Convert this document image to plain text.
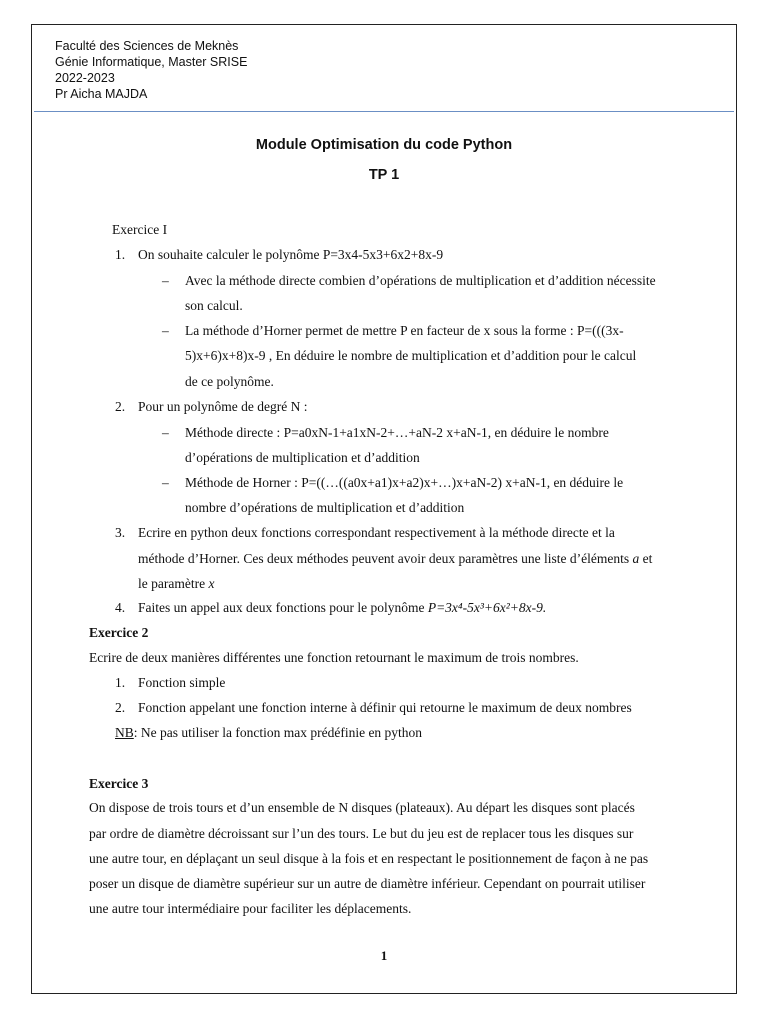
Faculté des Sciences de Meknès
Génie Informatique, Master SRISE
2022-2023
Pr Aicha MAJDA
Module Optimisation du code Python
TP 1
Exercice I
1. On souhaite calculer le polynôme P=3x4-5x3+6x2+8x-9
– Avec la méthode directe combien d’opérations de multiplication et d’addition nécessite
son calcul.
– La méthode d’Horner permet de mettre P en facteur de x sous la forme : P=(((3x-
5)x+6)x+8)x-9 , En déduire le nombre de multiplication et d’addition pour le calcul
de ce polynôme.
2. Pour un polynôme de degré N :
– Méthode directe : P=a0xN-1+a1xN-2+…+aN-2 x+aN-1, en déduire le nombre
d’opérations de multiplication et d’addition
– Méthode de Horner : P=((…((a0x+a1)x+a2)x+…)x+aN-2) x+aN-1, en déduire le
nombre d’opérations de multiplication et d’addition
3. Ecrire en python deux fonctions correspondant respectivement à la méthode directe et la
méthode d’Horner. Ces deux méthodes peuvent avoir deux paramètres une liste d’éléments a et
le paramètre x
4. Faites un appel aux deux fonctions pour le polynôme P=3x⁴-5x³+6x²+8x-9.
Exercice 2
Ecrire de deux manières différentes une fonction retournant le maximum de trois nombres.
1. Fonction simple
2. Fonction appelant une fonction interne à définir qui retourne le maximum de deux nombres
NB: Ne pas utiliser la fonction max prédéfinie en python
Exercice 3
On dispose de trois tours et d’un ensemble de N disques (plateaux). Au départ les disques sont placés
par ordre de diamètre décroissant sur l’un des tours. Le but du jeu est de replacer tous les disques sur
une autre tour, en déplaçant un seul disque à la fois et en respectant le positionnement de façon à ne pas
poser un disque de diamètre supérieur sur un autre de diamètre inférieur. Cependant on pourrait utiliser
une autre tour intermédiaire pour faciliter les déplacements.
1
